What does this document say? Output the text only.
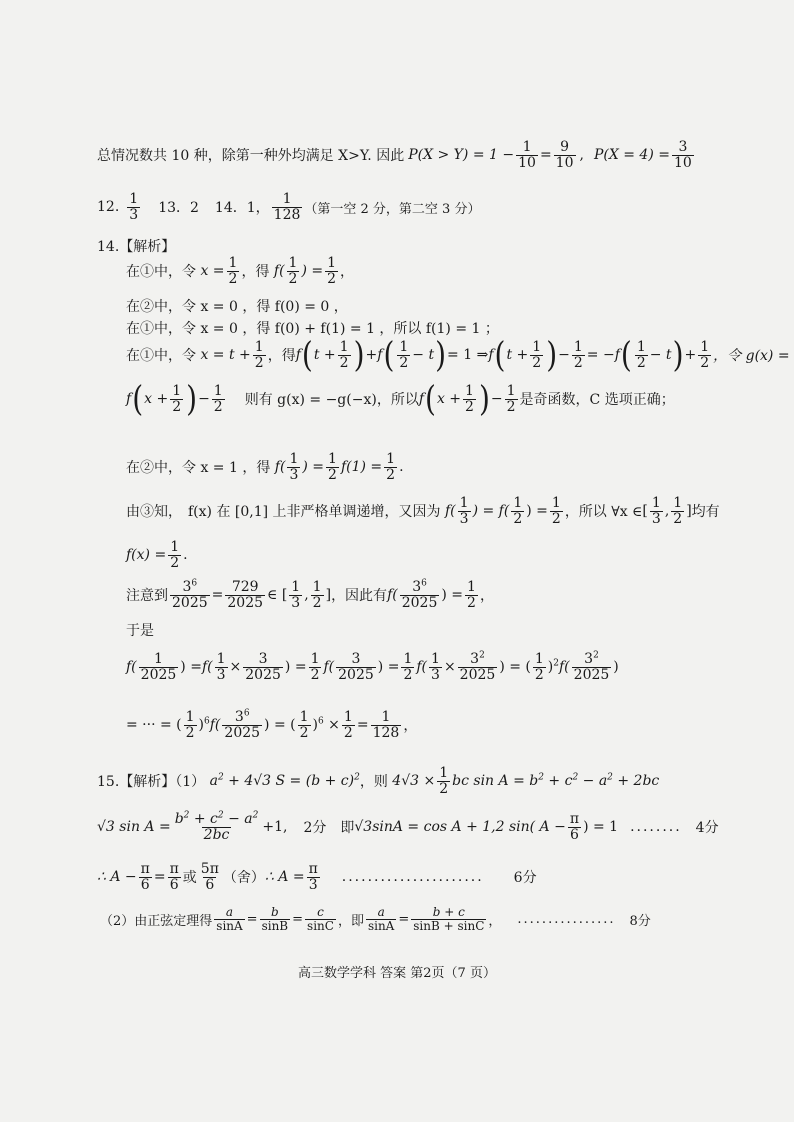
总情况数共 10 种，除第一种外均满足 X>Y. 因此 $P(X > Y) = 1 - \frac{1}{10} = \frac{9}{10}$ , $P(X = 4) = \frac{3}{10}$
12. $\frac{1}{3} 13$．2 14．1， $\frac{1}{128}$ （第一空 2 分，第二空 3 分）
14.【解析】
在①中，令 $x = \frac{1}{2}$ ，得 $f( \frac{1}{2}$ ) = $\frac{1}{2}$ ，
在②中，令 x = 0 ，得 f(0) = 0 ，
在①中，令 x = 0 ，得 f(0) + f(1) = 1 ，所以 f(1) = 1 ；
在①中，令 $x = t + \frac{1}{2}$ ，得 f ( $t + \frac{1}{2}$ ) + f ( $\frac{1}{2} - t$ ) = 1 ⇒ f ( $t + \frac{1}{2}$ ) − $\frac{1}{2}$ = − f ( $\frac{1}{2} - t$ ) + $\frac{1}{2}$ ，令 g(x) =
f ( $x + \frac{1}{2}$ ) − $\frac{1}{2}$ 则有 g(x) = −g(−x)，所以 f ( $x + \frac{1}{2}$ ) − $\frac{1}{2}$ 是奇函数，C 选项正确；
在②中，令 x = 1 ，得 $f( \frac{1}{3}$ ) = $\frac{1}{2} f(1) = \frac{1}{2}$ .
由③知， f(x) 在 [0,1] 上非严格单调递增，又因为 $f( \frac{1}{3}$ ) = $f( \frac{1}{2}$ ) = $\frac{1}{2}$ ，所以 ∀x ∈ [ $\frac{1}{3}$ , $\frac{1}{2}$ ] 均有
$f(x) = \frac{1}{2}$ .
注意到 $\frac{3^6}{2025} = \frac{729}{2025}$ ∈ [ $\frac{1}{3}$ , $\frac{1}{2}$ ] ，因此有 $f( \frac{3^6}{2025}$ ) = $\frac{1}{2}$ ，
于是
$f( \frac{1}{2025}$ ) = $f( \frac{1}{3} \times \frac{3}{2025}$ ) = $\frac{1}{2} f( \frac{3}{2025}$ ) = $\frac{1}{2} f( \frac{1}{3} \times \frac{3^2}{2025}$ ) = ( $\frac{1}{2} )^2$ $f( \frac{3^2}{2025}$ )
= ··· = ( $\frac{1}{2} )^6$ $f( \frac{3^6}{2025}$ ) = ( $\frac{1}{2} )^6 \times \frac{1}{2} = \frac{1}{128}$ ，
15.【解析】（1） $a^2 + 4√3$ $S = (b + c)^2$ ，则 $4√3 \times \frac{1}{2}$ bc $\sin A = b^2 + c^2 - a^2 + 2bc$
√3 $\sin A = \frac{b^2 + c^2 - a^2}{2bc} +1$, 2分　即 √3sinA = cos A + 1,2 sin( $A - \frac{\pi}{6}$ ) = 1 ........ 4分
∴ $A - \frac{\pi}{6} = \frac{\pi}{6}$ 或 $\frac{5\pi}{6}$ （舍） ∴ $A = \frac{\pi}{3}$ ...................... 6分
（2）由正弦定理得 $\frac{a}{\sin A} = \frac{b}{\sin B} = \frac{c}{\sin C}$ ，即 $\frac{a}{\sin A} = \frac{b + c}{\sin B + \sin C}$ ， ................ 8分
高三数学学科 答案 第2页（7 页）
